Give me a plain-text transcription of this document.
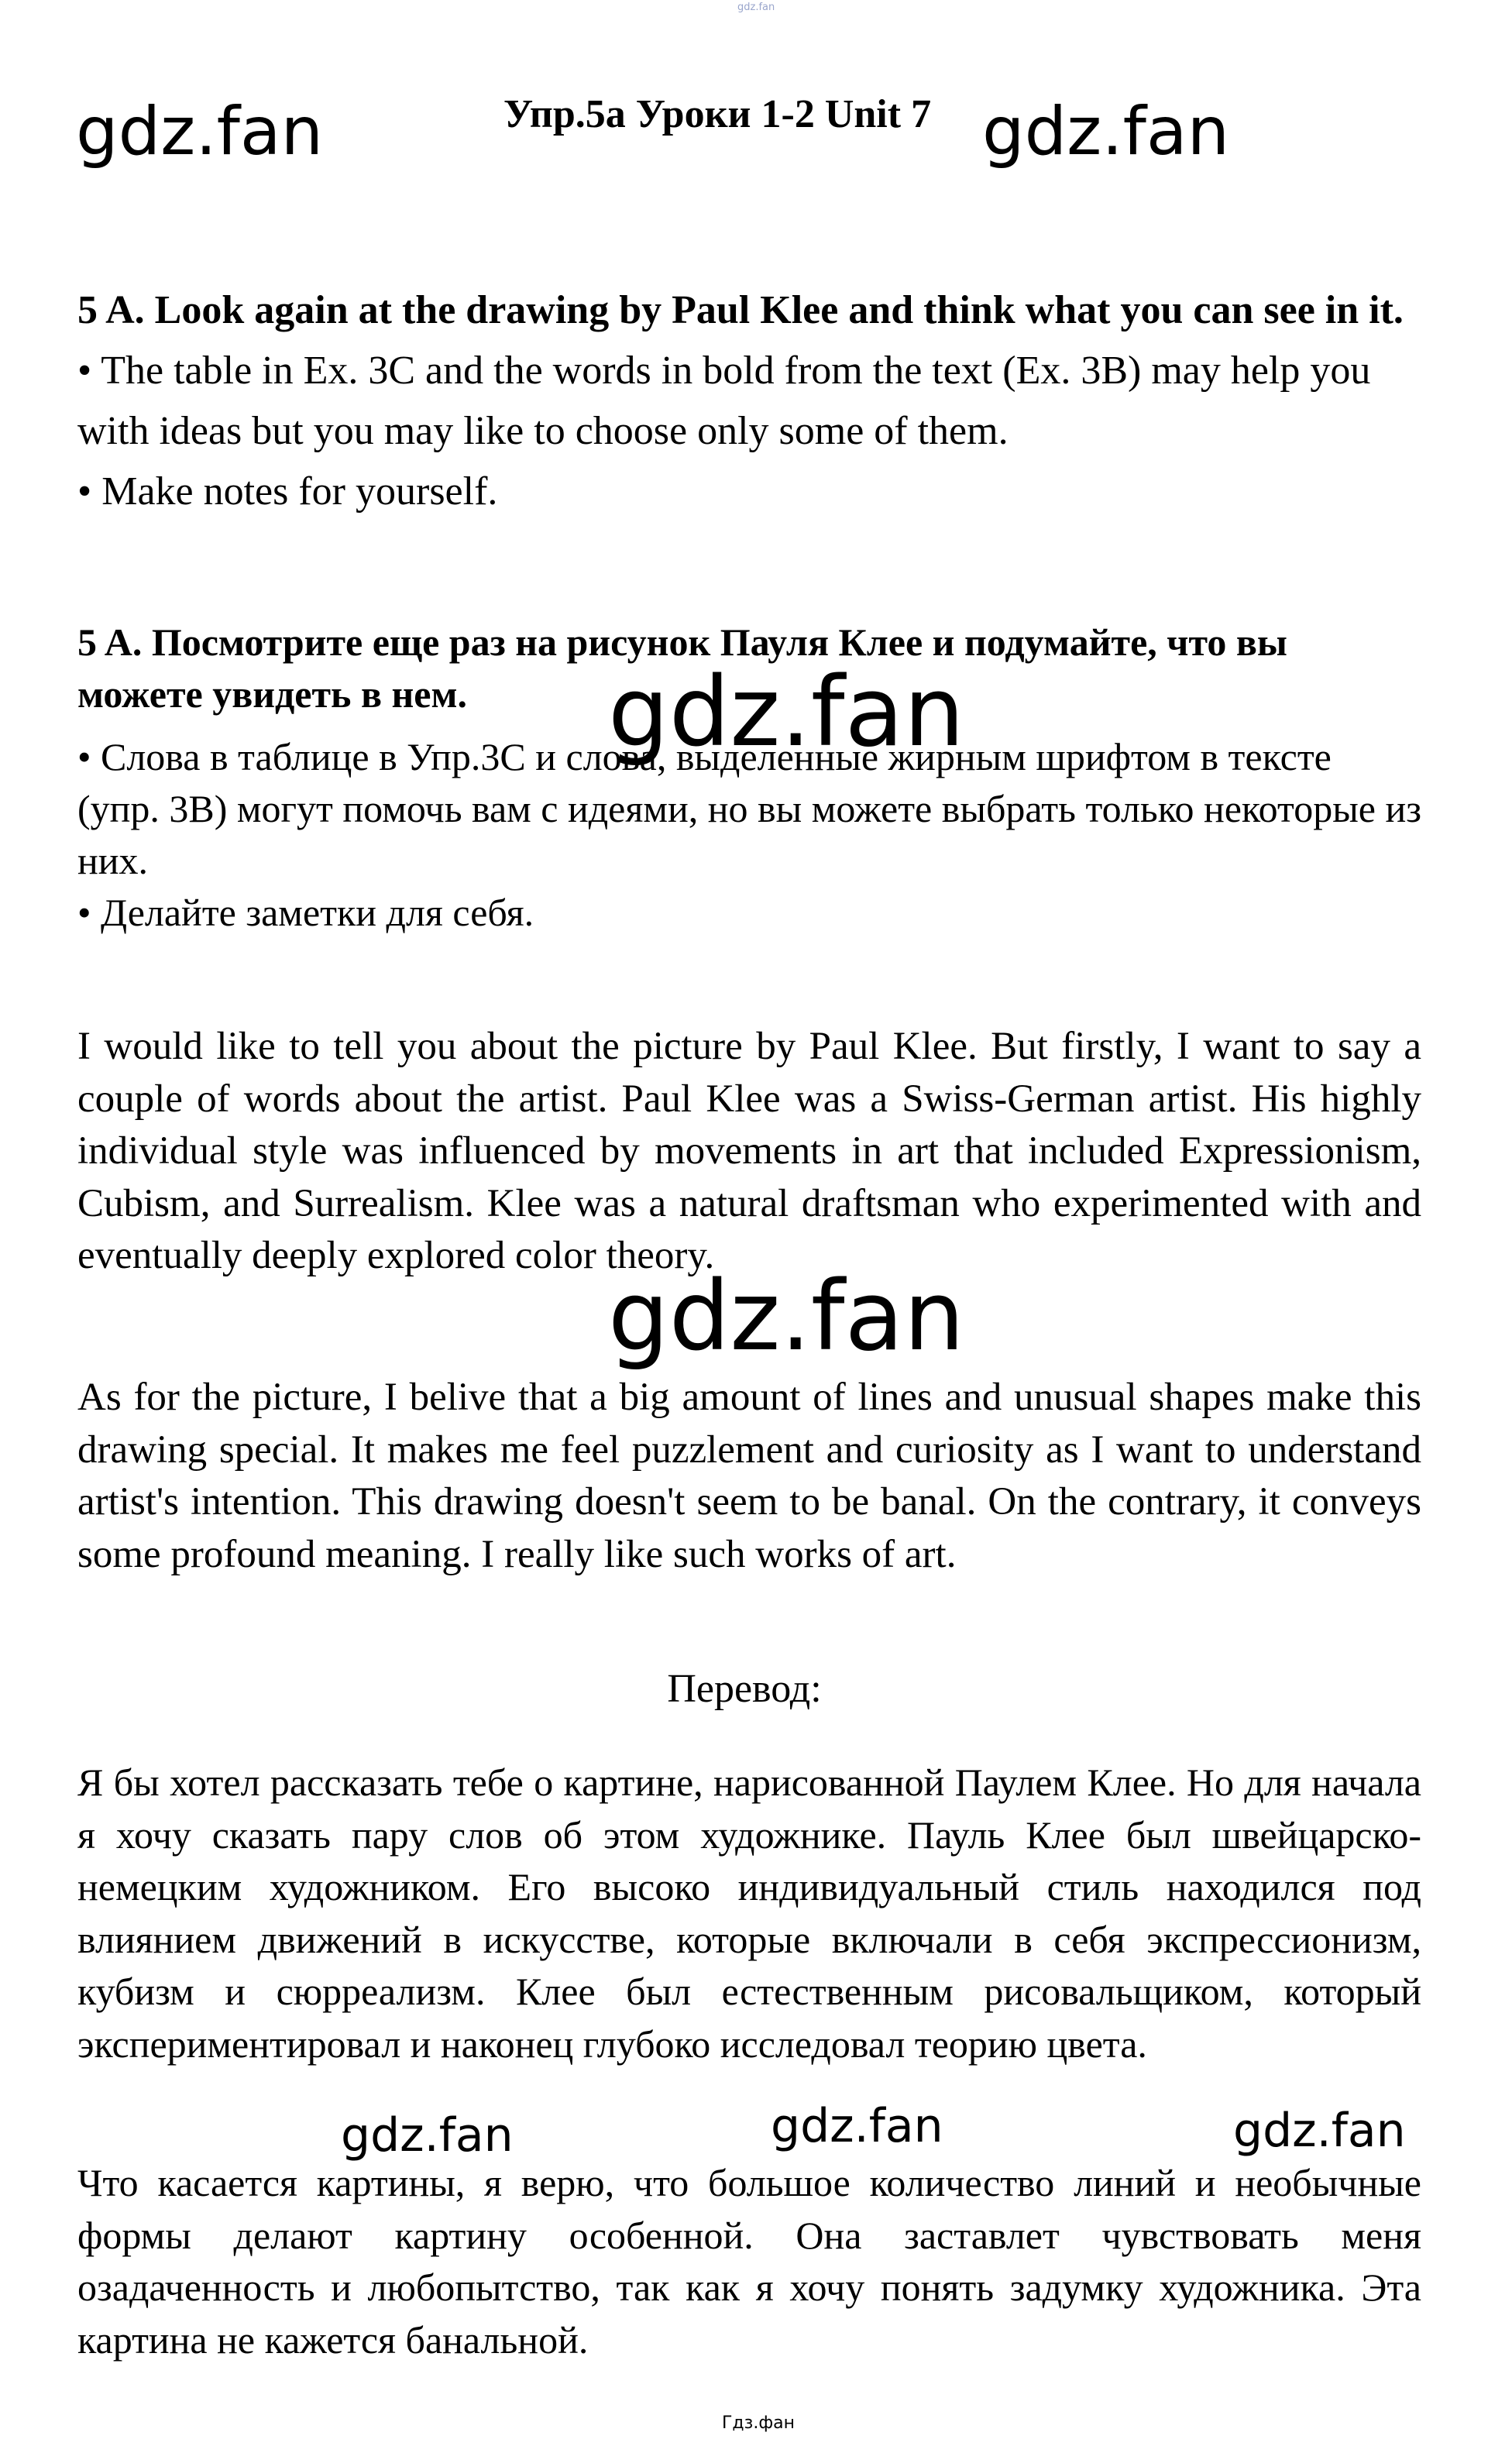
gdz.fan
gdz.fan	Упр.5а Уроки 1-2 Unit 7 gdz.fan
5 A. Look again at the drawing by Paul Klee and think what you can see in it.
• The table in Ex. 3C and the words in bold from the text (Ex. 3B) may help you with ideas but you may like to choose only some of them.
• Make notes for yourself.
5 A. Посмотрите еще раз на рисунок Пауля Клее и подумайте, что вы можете увидеть в нем.
• Слова в таблице в Упр.3С и слова, выделенные жирным шрифтом в тексте (упр. 3В) могут помочь вам с идеями, но вы можете выбрать только некоторые из них.
• Делайте заметки для себя.
gdz.fan
I would like to tell you about the picture by Paul Klee. But firstly, I want to say a couple of words about the artist. Paul Klee was a Swiss-German artist. His highly individual style was influenced by movements in art that included Expressionism, Cubism, and Surrealism. Klee was a natural draftsman who experimented with and eventually deeply explored color theory.
gdz.fan
As for the picture, I belive that a big amount of lines and unusual shapes make this drawing special. It makes me feel puzzlement and curiosity as I want to understand artist's intention. This drawing doesn't seem to be banal. On the contrary, it conveys some profound meaning. I really like such works of art.
Перевод:
Я бы хотел рассказать тебе о картине, нарисованной Паулем Клее. Но для начала я хочу сказать пару слов об этом художнике. Пауль Клее был швейцарско-немецким художником. Его высоко индивидуальный стиль находился под влиянием движений в искусстве, которые включали в себя экспрессионизм, кубизм и сюрреализм. Клее был естественным рисовальщиком, который экспериментировал и наконец глубоко исследовал теорию цвета.
gdz.fan	gdz.fan	gdz.fan
Что касается картины, я верю, что большое количество линий и необычные формы делают картину особенной. Она заставлет чувствовать меня озадаченность и любопытство, так как я хочу понять задумку художника. Эта картина не кажется банальной.
Гдз.фан
